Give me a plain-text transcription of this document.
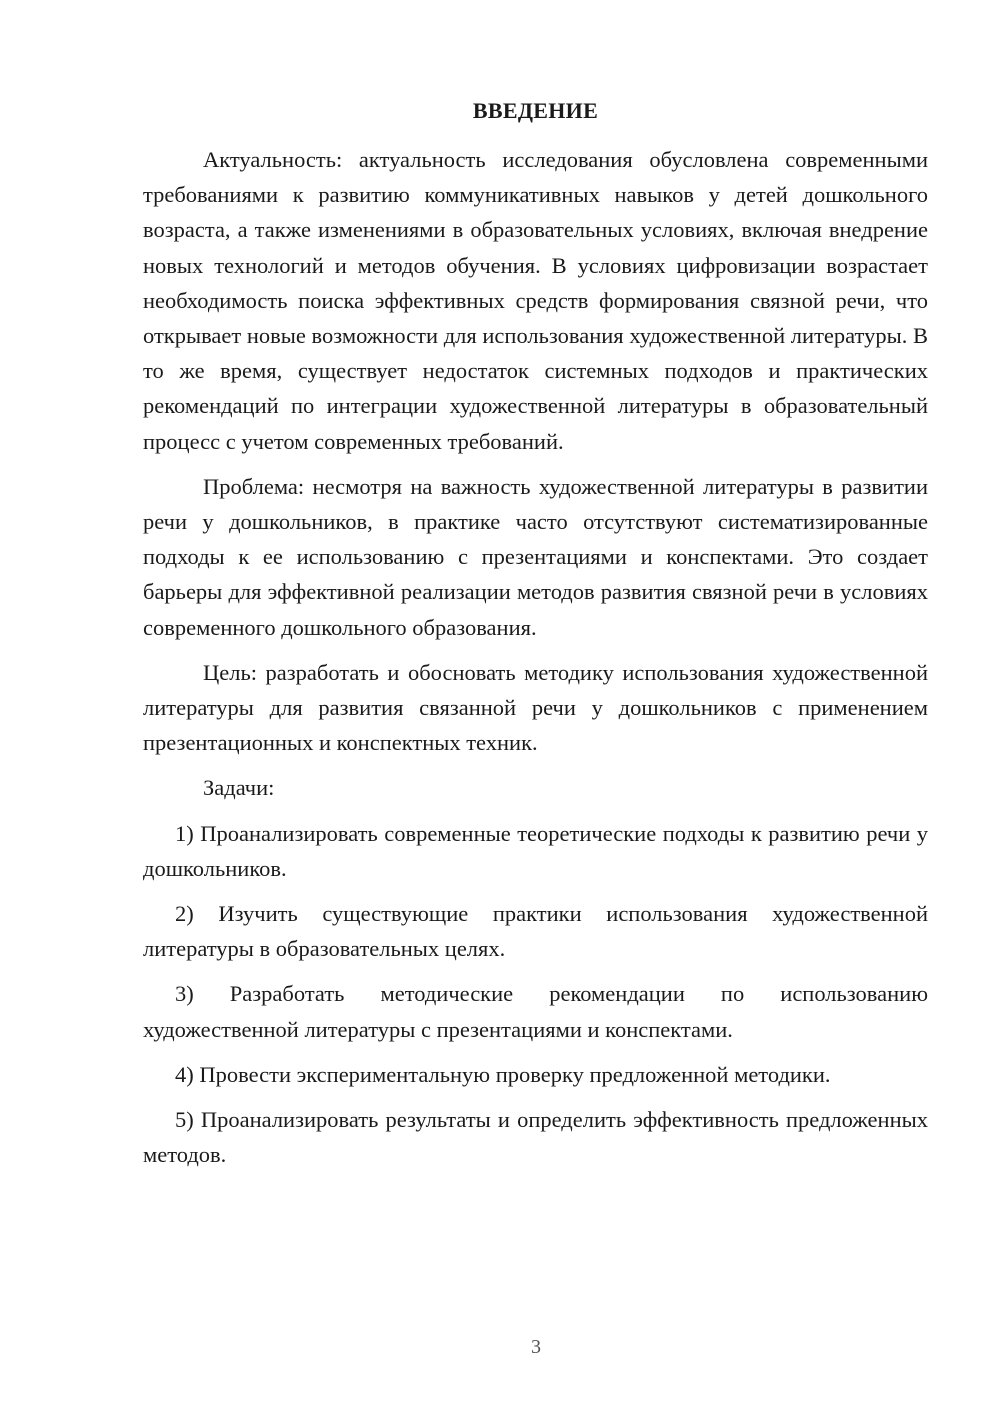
ВВЕДЕНИЕ

Актуальность: актуальность исследования обусловлена современными требованиями к развитию коммуникативных навыков у детей дошкольного возраста, а также изменениями в образовательных условиях, включая внедрение новых технологий и методов обучения. В условиях цифровизации возрастает необходимость поиска эффективных средств формирования связной речи, что открывает новые возможности для использования художественной литературы. В то же время, существует недостаток системных подходов и практических рекомендаций по интеграции художественной литературы в образовательный процесс с учетом современных требований.

Проблема: несмотря на важность художественной литературы в развитии речи у дошкольников, в практике часто отсутствуют систематизированные подходы к ее использованию с презентациями и конспектами. Это создает барьеры для эффективной реализации методов развития связной речи в условиях современного дошкольного образования.

Цель: разработать и обосновать методику использования художественной литературы для развития связанной речи у дошкольников с применением презентационных и конспектных техник.

Задачи:

1) Проанализировать современные теоретические подходы к развитию речи у дошкольников.

2) Изучить существующие практики использования художественной литературы в образовательных целях.

3) Разработать методические рекомендации по использованию художественной литературы с презентациями и конспектами.

4) Провести экспериментальную проверку предложенной методики.

5) Проанализировать результаты и определить эффективность предложенных методов.

3
